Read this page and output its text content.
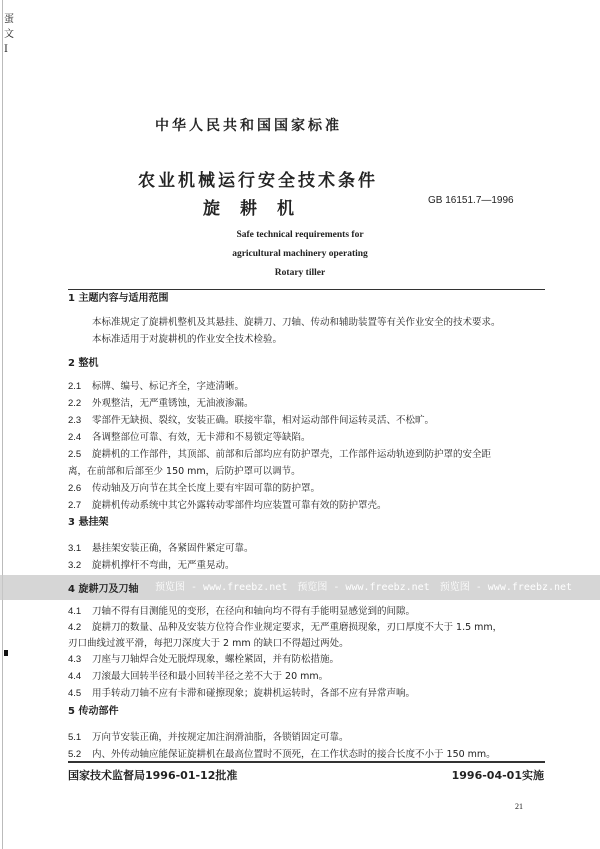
蛋文I
中华人民共和国国家标准
农业机械运行安全技术条件
旋耕机	GB 16151.7—1996
Safe technical requirements for
agricultural machinery operating
Rotary tiller
预览图 - www.freebz.net 预览图 - www.freebz.net 预览图 - www.freebz.net
1 主题内容与适用范围
本标准规定了旋耕机整机及其悬挂、旋耕刀、刀轴、传动和辅助装置等有关作业安全的技术要求。
本标准适用于对旋耕机的作业安全技术检验。
2 整机
2.1 标牌、编号、标记齐全，字迹清晰。
2.2 外观整洁，无严重锈蚀，无油液渗漏。
2.3 零部件无缺损、裂纹，安装正确。联接牢靠，相对运动部件间运转灵活、不松旷。
2.4 各调整部位可靠、有效，无卡滞和不易锁定等缺陷。
2.5 旋耕机的工作部件，其顶部、前部和后部均应有防护罩壳，工作部件运动轨迹到防护罩的安全距
离，在前部和后部至少 150 mm，后防护罩可以调节。
2.6 传动轴及万向节在其全长度上要有牢固可靠的防护罩。
2.7 旋耕机传动系统中其它外露转动零部件均应装置可靠有效的防护罩壳。
3 悬挂架
3.1 悬挂架安装正确，各紧固件紧定可靠。
3.2 旋耕机撑杆不弯曲，无严重晃动。
4 旋耕刀及刀轴
4.1 刀轴不得有目测能见的变形，在径向和轴向均不得有手能明显感觉到的间隙。
4.2 旋耕刀的数量、品种及安装方位符合作业规定要求，无严重磨损现象，刃口厚度不大于 1.5 mm，
刃口曲线过渡平滑，每把刀深度大于 2 mm 的缺口不得超过两处。
4.3 刀座与刀轴焊合处无脱焊现象，螺栓紧固，并有防松措施。
4.4 刀滚最大回转半径和最小回转半径之差不大于 20 mm。
4.5 用手转动刀轴不应有卡滞和碰擦现象；旋耕机运转时，各部不应有异常声响。
5 传动部件
5.1 万向节安装正确，并按规定加注润滑油脂，各锁销固定可靠。
5.2 内、外传动轴应能保证旋耕机在最高位置时不顶死，在工作状态时的接合长度不小于 150 mm。
国家技术监督局1996-01-12批准	1996-04-01实施
21
